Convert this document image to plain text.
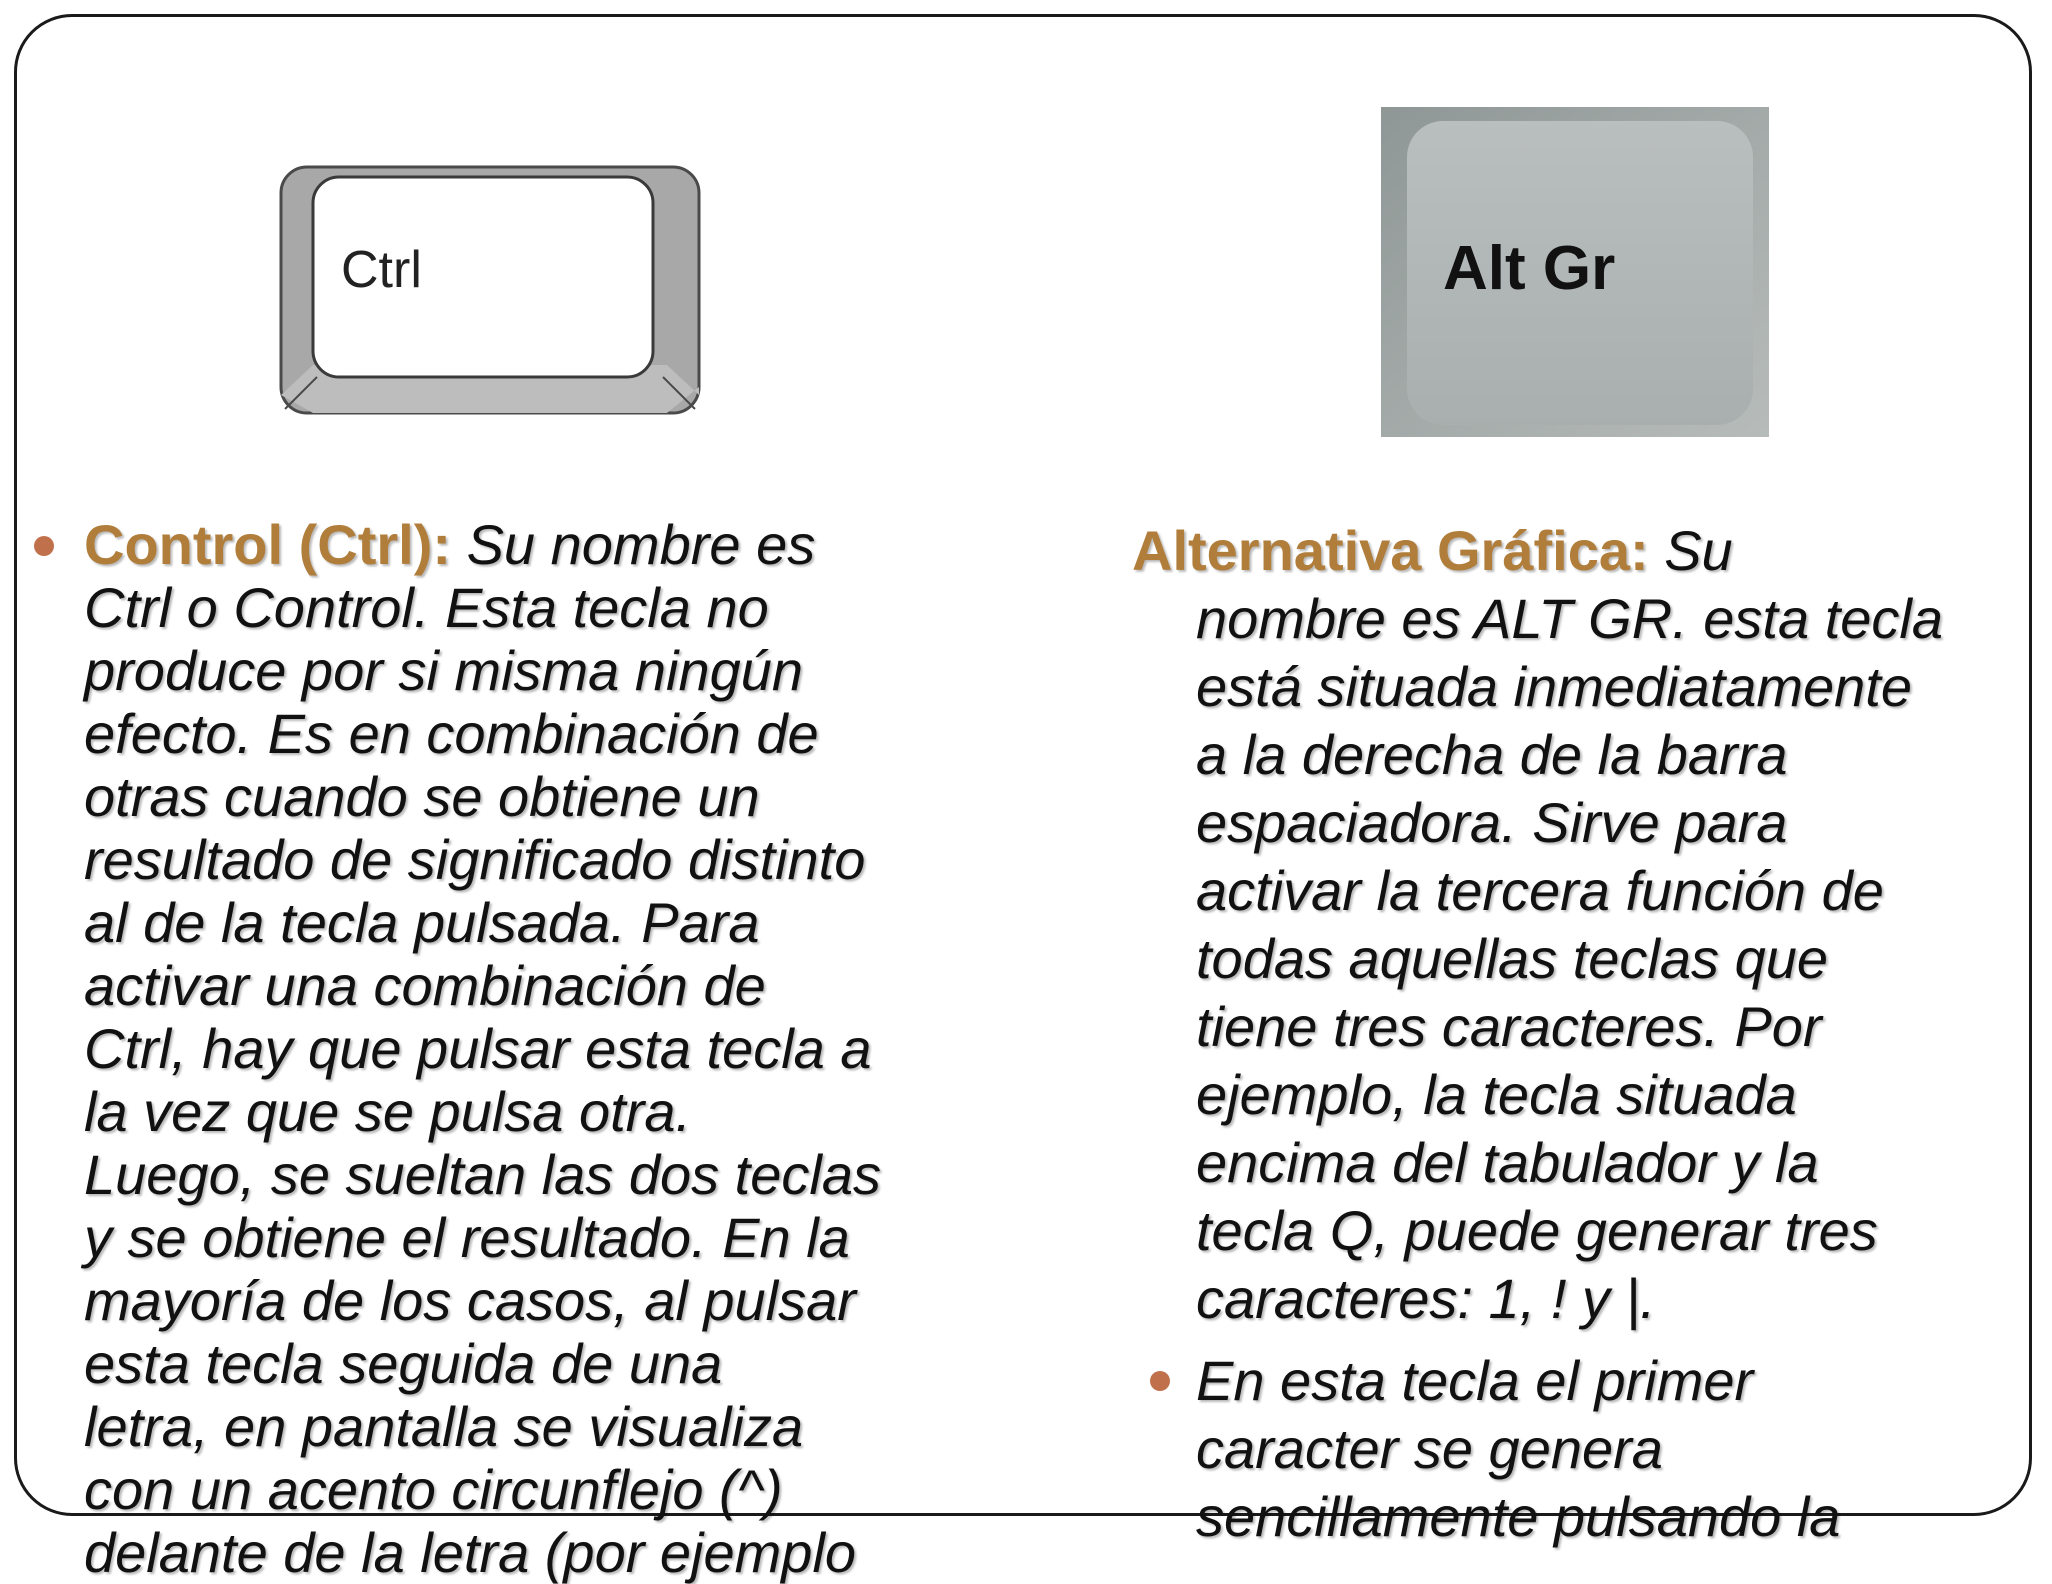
Ctrl	Alt Gr
Control (Ctrl): Su nombre es
Ctrl o Control. Esta tecla no
produce por si misma ningún
efecto. Es en combinación de
otras cuando se obtiene un
resultado de significado distinto
al de la tecla pulsada. Para
activar una combinación de
Ctrl, hay que pulsar esta tecla a
la vez que se pulsa otra.
Luego, se sueltan las dos teclas
y se obtiene el resultado. En la
mayoría de los casos, al pulsar
esta tecla seguida de una
letra, en pantalla se visualiza
con un acento circunflejo (^)
delante de la letra (por ejemplo
Alternativa Gráfica: Su
nombre es ALT GR. esta tecla
está situada inmediatamente
a la derecha de la barra
espaciadora. Sirve para
activar la tercera función de
todas aquellas teclas que
tiene tres caracteres. Por
ejemplo, la tecla situada
encima del tabulador y la
tecla Q, puede generar tres
caracteres: 1, ! y |.
En esta tecla el primer
caracter se genera
sencillamente pulsando la
